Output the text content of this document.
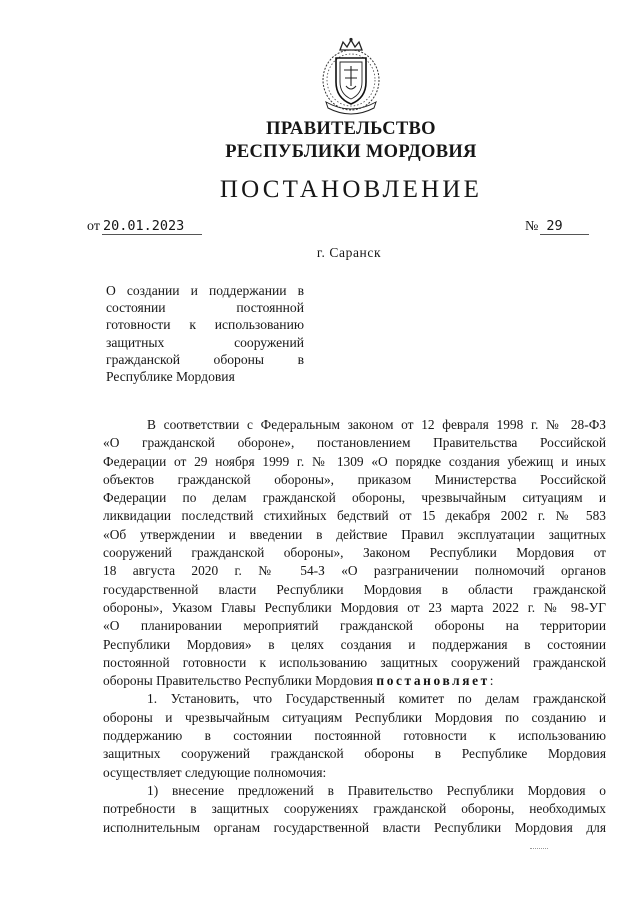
ПРАВИТЕЛЬСТВО
РЕСПУБЛИКИ МОРДОВИЯ
ПОСТАНОВЛЕНИЕ
от 20.01.2023	№ 29
г. Саранск
О создании и поддержании в
состоянии постоянной
готовности к использованию
защитных сооружений
гражданской обороны в
Республике Мордовия
В соответствии с Федеральным законом от 12 февраля 1998 г. № 28-ФЗ
«О гражданской обороне», постановлением Правительства Российской
Федерации от 29 ноября 1999 г. № 1309 «О порядке создания убежищ и иных
объектов гражданской обороны», приказом Министерства Российской
Федерации по делам гражданской обороны, чрезвычайным ситуациям и
ликвидации последствий стихийных бедствий от 15 декабря 2002 г. № 583
«Об утверждении и введении в действие Правил эксплуатации защитных
сооружений гражданской обороны», Законом Республики Мордовия от
18 августа 2020 г. № 54-З «О разграничении полномочий органов
государственной власти Республики Мордовия в области гражданской
обороны», Указом Главы Республики Мордовия от 23 марта 2022 г. № 98-УГ
«О планировании мероприятий гражданской обороны на территории
Республики Мордовия» в целях создания и поддержания в состоянии
постоянной готовности к использованию защитных сооружений гражданской
обороны Правительство Республики Мордовия постановляет:
1. Установить, что Государственный комитет по делам гражданской
обороны и чрезвычайным ситуациям Республики Мордовия по созданию и
поддержанию в состоянии постоянной готовности к использованию
защитных сооружений гражданской обороны в Республике Мордовия
осуществляет следующие полномочия:
1) внесение предложений в Правительство Республики Мордовия о
потребности в защитных сооружениях гражданской обороны, необходимых
исполнительным органам государственной власти Республики Мордовия для
